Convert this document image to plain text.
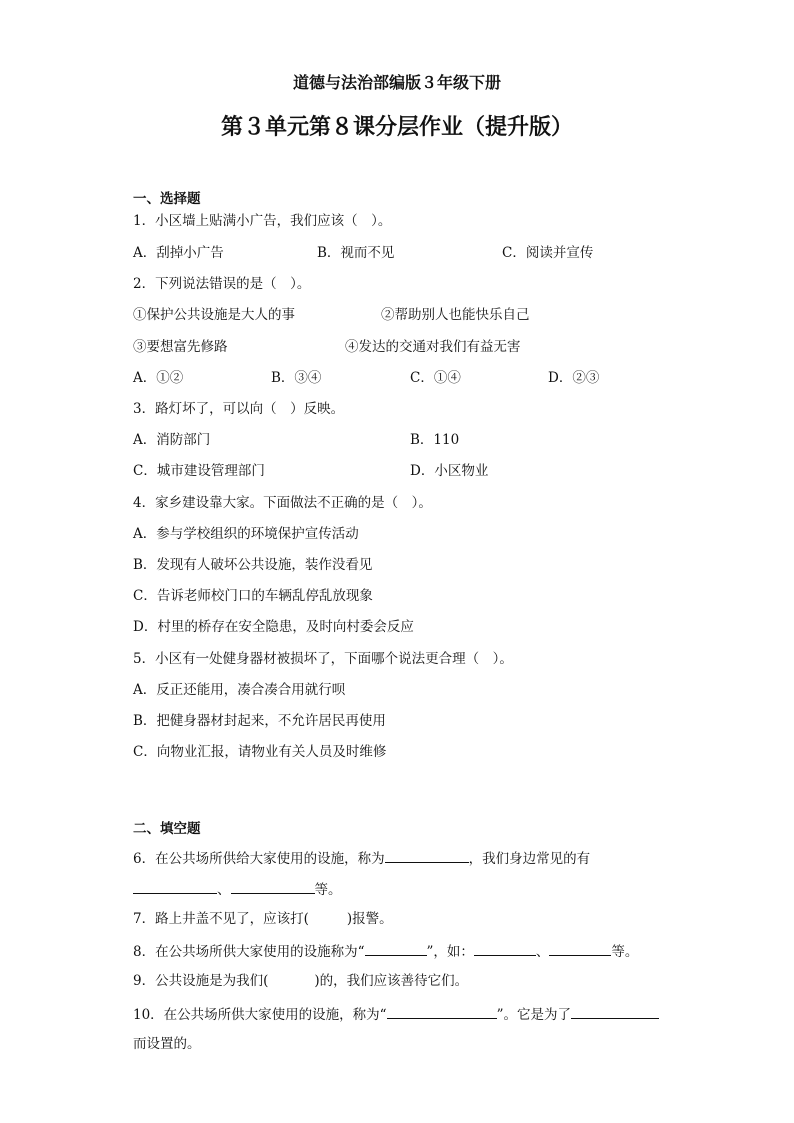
道德与法治部编版３年级下册
第３单元第８课分层作业（提升版）
一、选择题
1．小区墙上贴满小广告，我们应该（　）。
A．刮掉小广告	B．视而不见	C．阅读并宣传
2．下列说法错误的是（　）。
①保护公共设施是大人的事	②帮助别人也能快乐自己
③要想富先修路	④发达的交通对我们有益无害
A．①②	B．③④	C．①④	D．②③
3．路灯坏了，可以向（　）反映。
A．消防部门	B．110
C．城市建设管理部门	D．小区物业
4．家乡建设靠大家。下面做法不正确的是（　）。
A．参与学校组织的环境保护宣传活动
B．发现有人破坏公共设施，装作没看见
C．告诉老师校门口的车辆乱停乱放现象
D．村里的桥存在安全隐患，及时向村委会反应
5．小区有一处健身器材被损坏了，下面哪个说法更合理（　）。
A．反正还能用，凑合凑合用就行呗
B．把健身器材封起来，不允许居民再使用
C．向物业汇报，请物业有关人员及时维修
二、填空题
6．在公共场所供给大家使用的设施，称为	，我们身边常见的有
、	等。
7．路上井盖不见了，应该打(	)报警。
8．在公共场所供大家使用的设施称为“	”，如：	、	等。
9．公共设施是为我们(	)的，我们应该善待它们。
10．在公共场所供大家使用的设施，称为“	”。它是为了
而设置的。
